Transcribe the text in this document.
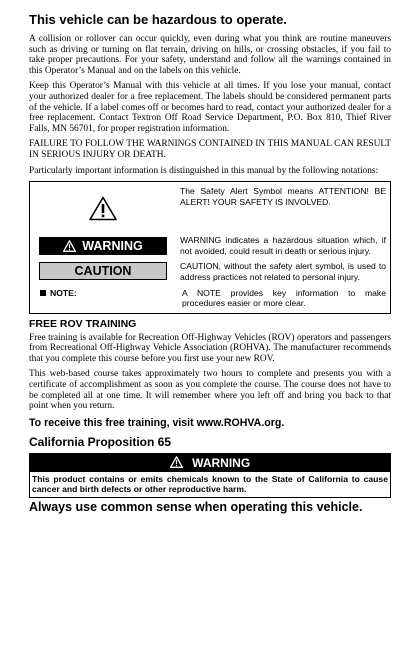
This vehicle can be hazardous to operate.

A collision or rollover can occur quickly, even during what you think are routine maneuvers such as driving or turning on flat terrain, driving on hills, or crossing obstacles, if you fail to take proper precautions. For your safety, understand and follow all the warnings contained in this Operator’s Manual and on the labels on this vehicle.

Keep this Operator’s Manual with this vehicle at all times. If you lose your manual, contact your authorized dealer for a free replacement. The labels should be considered permanent parts of the vehicle. If a label comes off or becomes hard to read, contact your authorized dealer for a free replacement. Contact Textron Off Road Service Department, P.O. Box 810, Thief River Falls, MN 56701, for proper registration information.

FAILURE TO FOLLOW THE WARNINGS CONTAINED IN THIS MANUAL CAN RESULT IN SERIOUS INJURY OR DEATH.

Particularly important information is distinguished in this manual by the following notations:

The Safety Alert Symbol means ATTENTION! BE ALERT! YOUR SAFETY IS INVOLVED.
WARNING	WARNING indicates a hazardous situation which, if not avoided, could result in death or serious injury.
CAUTION	CAUTION, without the safety alert symbol, is used to address practices not related to personal injury.
NOTE:	A NOTE provides key information to make procedures easier or more clear.
FREE ROV TRAINING

Free training is available for Recreation Off-Highway Vehicles (ROV) operators and passengers from Recreational Off-Highway Vehicle Association (ROHVA). The manufacturer recommends that you complete this course before you first use your new ROV.

This web-based course takes approximately two hours to complete and presents you with a certificate of accomplishment as soon as you complete the course. The course does not have to be completed all at one time. It will remember where you left off and bring you back to that point when you return.

To receive this free training, visit www.ROHVA.org.
California Proposition 65
WARNING
This product contains or emits chemicals known to the State of California to cause cancer and birth defects or other reproductive harm.
Always use common sense when operating this vehicle.
